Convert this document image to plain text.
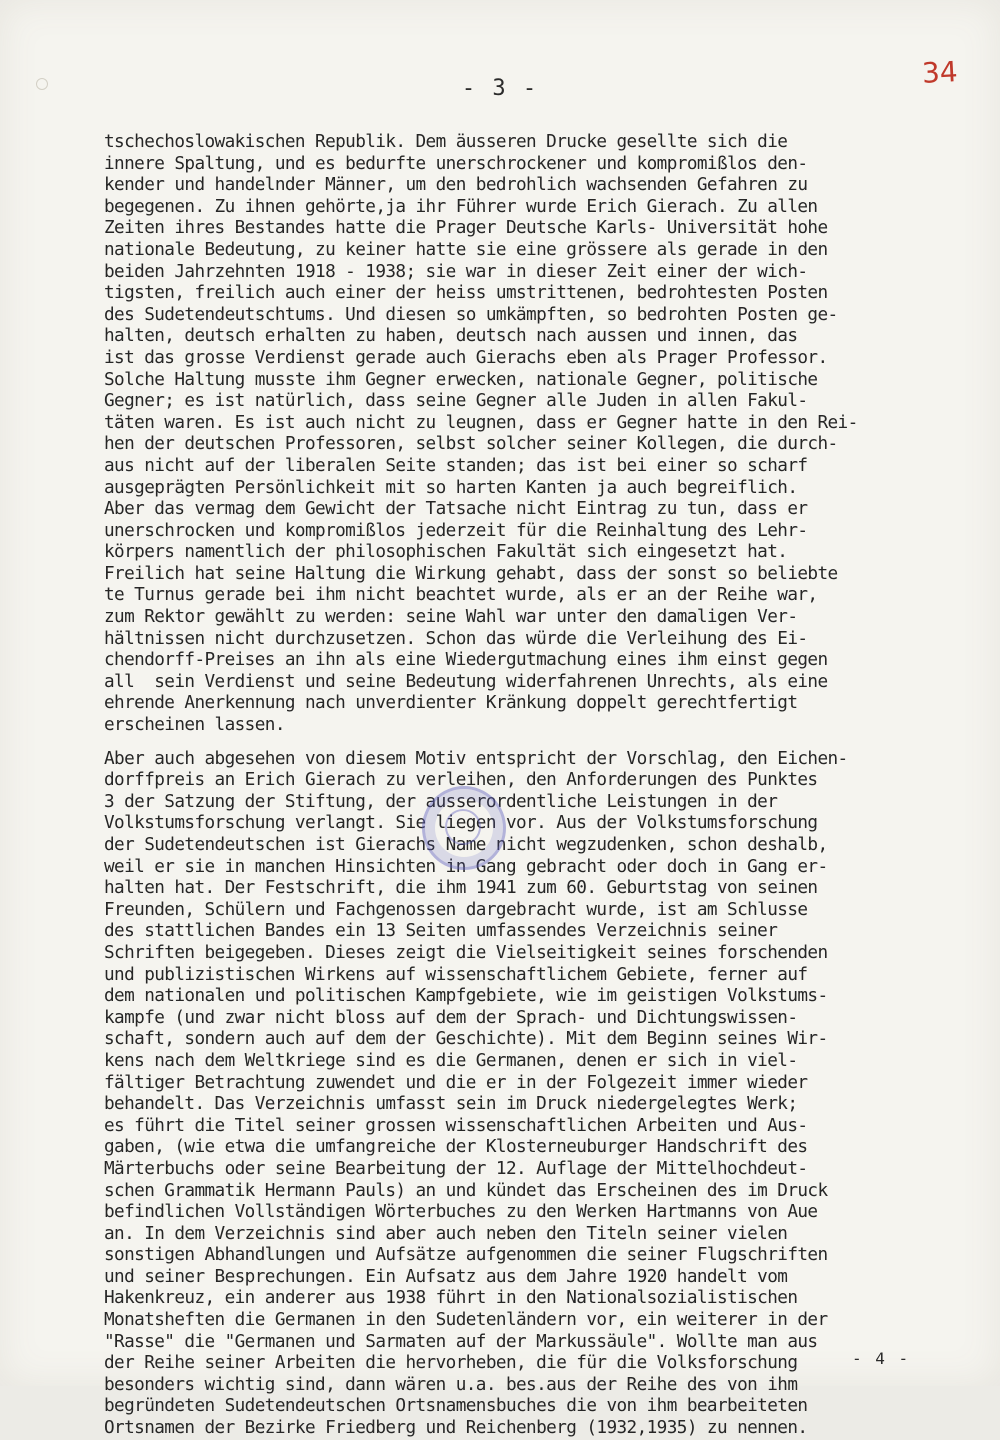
- 3 -	34

tschechoslowakischen Republik. Dem äusseren Drucke gesellte sich die

innere Spaltung, und es bedurfte unerschrockener und kompromißlos den-

kender und handelnder Männer, um den bedrohlich wachsenden Gefahren zu

begegenen. Zu ihnen gehörte,ja ihr Führer wurde Erich Gierach. Zu allen

Zeiten ihres Bestandes hatte die Prager Deutsche Karls- Universität hohe

nationale Bedeutung, zu keiner hatte sie eine grössere als gerade in den

beiden Jahrzehnten 1918 - 1938; sie war in dieser Zeit einer der wich-

tigsten, freilich auch einer der heiss umstrittenen, bedrohtesten Posten

des Sudetendeutschtums. Und diesen so umkämpften, so bedrohten Posten ge-

halten, deutsch erhalten zu haben, deutsch nach aussen und innen, das

ist das grosse Verdienst gerade auch Gierachs eben als Prager Professor.

Solche Haltung musste ihm Gegner erwecken, nationale Gegner, politische

Gegner; es ist natürlich, dass seine Gegner alle Juden in allen Fakul-

täten waren. Es ist auch nicht zu leugnen, dass er Gegner hatte in den Rei-

hen der deutschen Professoren, selbst solcher seiner Kollegen, die durch-

aus nicht auf der liberalen Seite standen; das ist bei einer so scharf

ausgeprägten Persönlichkeit mit so harten Kanten ja auch begreiflich.

Aber das vermag dem Gewicht der Tatsache nicht Eintrag zu tun, dass er

unerschrocken und kompromißlos jederzeit für die Reinhaltung des Lehr-

körpers namentlich der philosophischen Fakultät sich eingesetzt hat.

Freilich hat seine Haltung die Wirkung gehabt, dass der sonst so beliebte

te Turnus gerade bei ihm nicht beachtet wurde, als er an der Reihe war,

zum Rektor gewählt zu werden: seine Wahl war unter den damaligen Ver-

hältnissen nicht durchzusetzen. Schon das würde die Verleihung des Ei-

chendorff-Preises an ihn als eine Wiedergutmachung eines ihm einst gegen

all  sein Verdienst und seine Bedeutung widerfahrenen Unrechts, als eine

ehrende Anerkennung nach unverdienter Kränkung doppelt gerechtfertigt

erscheinen lassen.

Aber auch abgesehen von diesem Motiv entspricht der Vorschlag, den Eichen-

dorffpreis an Erich Gierach zu verleihen, den Anforderungen des Punktes

3 der Satzung der Stiftung, der ausserordentliche Leistungen in der

Volkstumsforschung verlangt. Sie liegen vor. Aus der Volkstumsforschung

der Sudetendeutschen ist Gierachs Name nicht wegzudenken, schon deshalb,

weil er sie in manchen Hinsichten in Gang gebracht oder doch in Gang er-

halten hat. Der Festschrift, die ihm 1941 zum 60. Geburtstag von seinen

Freunden, Schülern und Fachgenossen dargebracht wurde, ist am Schlusse

des stattlichen Bandes ein 13 Seiten umfassendes Verzeichnis seiner

Schriften beigegeben. Dieses zeigt die Vielseitigkeit seines forschenden

und publizistischen Wirkens auf wissenschaftlichem Gebiete, ferner auf

dem nationalen und politischen Kampfgebiete, wie im geistigen Volkstums-

kampfe (und zwar nicht bloss auf dem der Sprach- und Dichtungswissen-

schaft, sondern auch auf dem der Geschichte). Mit dem Beginn seines Wir-

kens nach dem Weltkriege sind es die Germanen, denen er sich in viel-

fältiger Betrachtung zuwendet und die er in der Folgezeit immer wieder

behandelt. Das Verzeichnis umfasst sein im Druck niedergelegtes Werk;

es führt die Titel seiner grossen wissenschaftlichen Arbeiten und Aus-

gaben, (wie etwa die umfangreiche der Klosterneuburger Handschrift des

Märterbuchs oder seine Bearbeitung der 12. Auflage der Mittelhochdeut-

schen Grammatik Hermann Pauls) an und kündet das Erscheinen des im Druck

befindlichen Vollständigen Wörterbuches zu den Werken Hartmanns von Aue

an. In dem Verzeichnis sind aber auch neben den Titeln seiner vielen

sonstigen Abhandlungen und Aufsätze aufgenommen die seiner Flugschriften

und seiner Besprechungen. Ein Aufsatz aus dem Jahre 1920 handelt vom

Hakenkreuz, ein anderer aus 1938 führt in den Nationalsozialistischen

Monatsheften die Germanen in den Sudetenländern vor, ein weiterer in der

"Rasse" die "Germanen und Sarmaten auf der Markussäule". Wollte man aus

der Reihe seiner Arbeiten die hervorheben, die für die Volksforschung

besonders wichtig sind, dann wären u.a. bes.aus der Reihe des von ihm

begründeten Sudetendeutschen Ortsnamensbuches die von ihm bearbeiteten

Ortsnamen der Bezirke Friedberg und Reichenberg (1932,1935) zu nennen.

- 4 -
